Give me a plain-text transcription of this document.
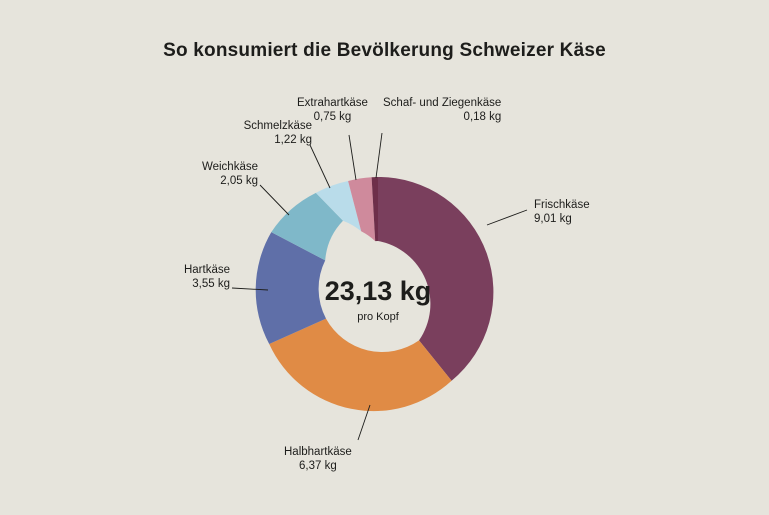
So konsumiert die Bevölkerung Schweizer Käse
23,13 kg
pro Kopf
Frischkäse
9,01 kg
Halbhartkäse
6,37 kg
Hartkäse
3,55 kg
Weichkäse
2,05 kg
Schmelzkäse
1,22 kg
Extrahartkäse
0,75 kg
Schaf- und Ziegenkäse
0,18 kg
